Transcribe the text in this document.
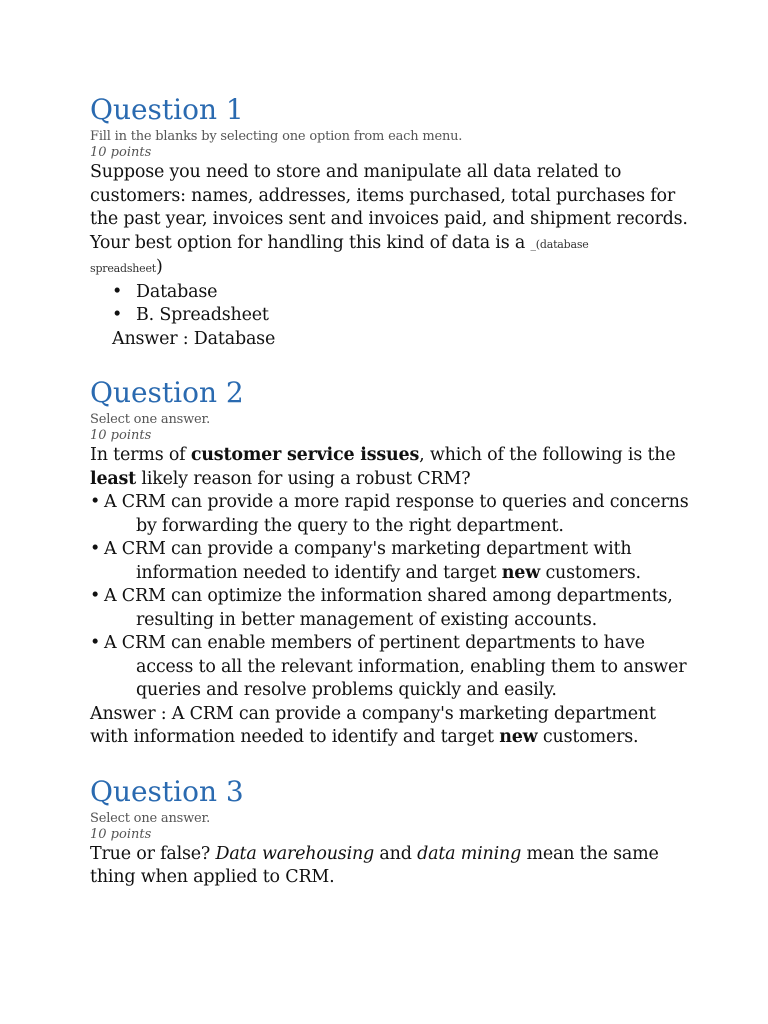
Question 1

Fill in the blanks by selecting one option from each menu.

10 points

Suppose you need to store and manipulate all data related to customers: names, addresses, items purchased, total purchases for the past year, invoices sent and invoices paid, and shipment records. Your best option for handling this kind of data is a _(database
spreadsheet)

• Database
• B. Spreadsheet

Answer : Database

Question 2

Select one answer.

10 points

In terms of customer service issues, which of the following is the least likely reason for using a robust CRM?

• A CRM can provide a more rapid response to queries and concerns by forwarding the query to the right department.

• A CRM can provide a company's marketing department with information needed to identify and target new customers.

• A CRM can optimize the information shared among departments, resulting in better management of existing accounts.

• A CRM can enable members of pertinent departments to have access to all the relevant information, enabling them to answer queries and resolve problems quickly and easily.

Answer : A CRM can provide a company's marketing department with information needed to identify and target new customers.

Question 3

Select one answer.

10 points

True or false? Data warehousing and data mining mean the same thing when applied to CRM.
